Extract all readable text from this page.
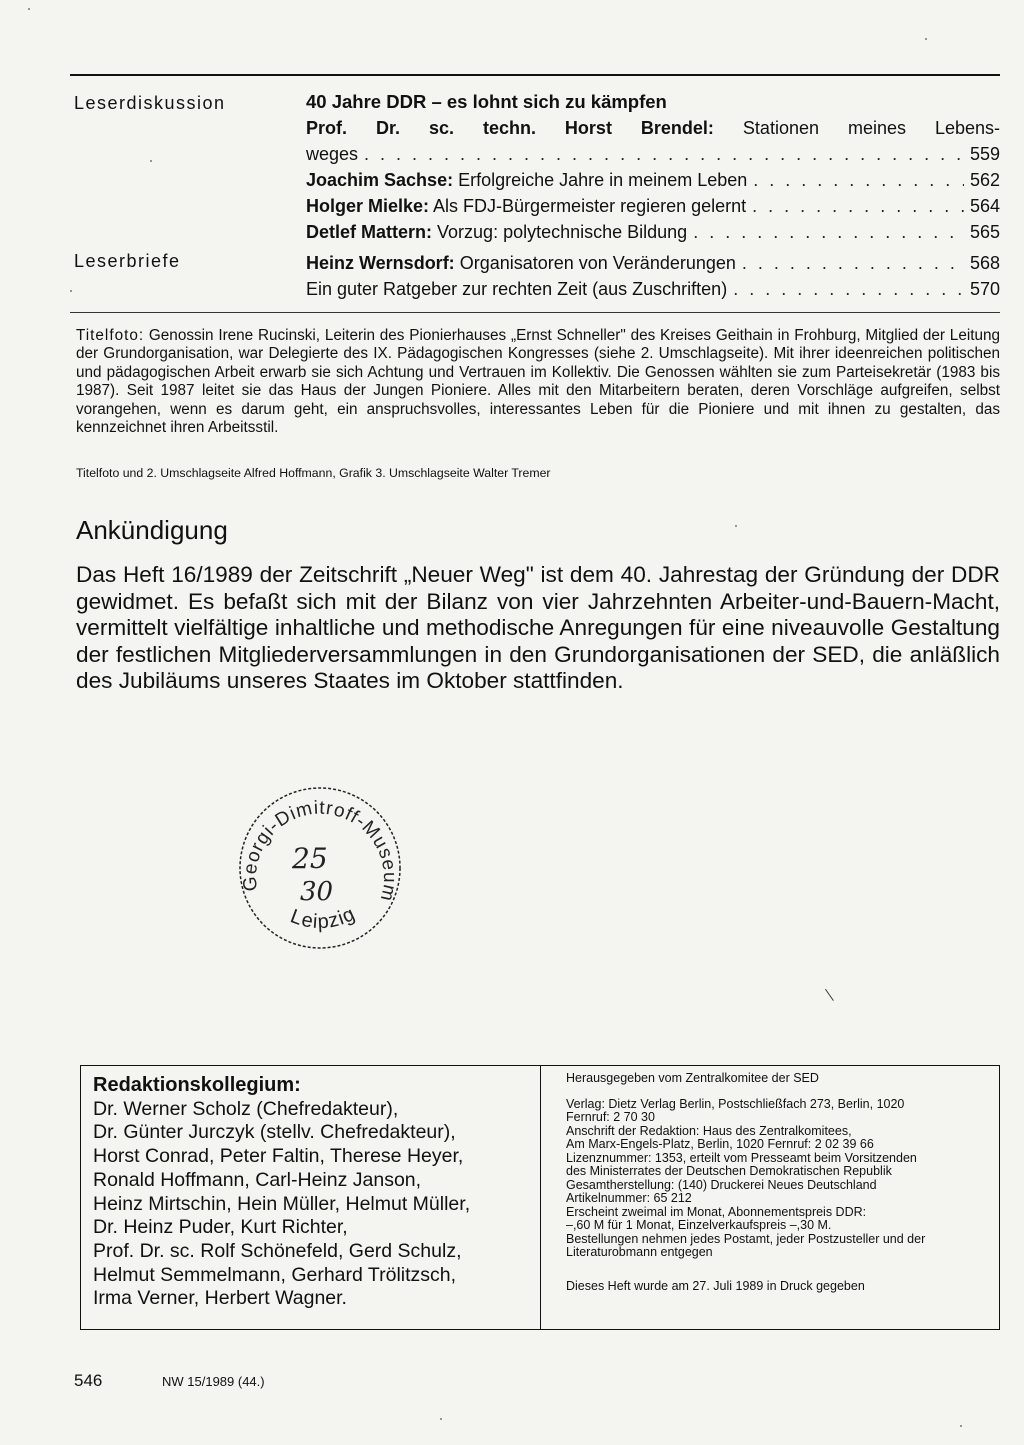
Leserdiskussion
Leserbriefe
40 Jahre DDR – es lohnt sich zu kämpfen
Prof. Dr. sc. techn. Horst Brendel: Stationen meines Lebens-
weges . . .	559
Joachim Sachse: Erfolgreiche Jahre in meinem Leben . . .	562
Holger Mielke: Als FDJ-Bürgermeister regieren gelernt . . .	564
Detlef Mattern: Vorzug: polytechnische Bildung . . .	565
Heinz Wernsdorf: Organisatoren von Veränderungen . . .	568
Ein guter Ratgeber zur rechten Zeit (aus Zuschriften) . . .	570
Titelfoto: Genossin Irene Rucinski, Leiterin des Pionierhauses „Ernst Schneller" des Kreises Geithain in Frohburg, Mitglied der Leitung der Grundorganisation, war Delegierte des IX. Pädagogischen Kongresses (siehe 2. Umschlagseite). Mit ihrer ideenreichen politischen und pädagogischen Arbeit erwarb sie sich Achtung und Vertrauen im Kollektiv. Die Genossen wählten sie zum Parteisekretär (1983 bis 1987). Seit 1987 leitet sie das Haus der Jungen Pioniere. Alles mit den Mitarbeitern beraten, deren Vorschläge aufgreifen, selbst vorangehen, wenn es darum geht, ein anspruchsvolles, interessantes Leben für die Pioniere und mit ihnen zu gestalten, das kennzeichnet ihren Arbeitsstil.
Titelfoto und 2. Umschlagseite Alfred Hoffmann, Grafik 3. Umschlagseite Walter Tremer
Ankündigung
Das Heft 16/1989 der Zeitschrift „Neuer Weg" ist dem 40. Jahrestag der Gründung der DDR gewidmet. Es befaßt sich mit der Bilanz von vier Jahrzehnten Arbeiter-und-Bauern-Macht, vermittelt vielfältige inhaltliche und methodische Anregungen für eine niveauvolle Gestaltung der festlichen Mitgliederversammlungen in den Grundorganisationen der SED, die anläßlich des Jubiläums unseres Staates im Oktober stattfinden.
Georgi-Dimitroff-Museum
Leipzig
25
30
Redaktionskollegium:
Dr. Werner Scholz (Chefredakteur),
Dr. Günter Jurczyk (stellv. Chefredakteur),
Horst Conrad, Peter Faltin, Therese Heyer,
Ronald Hoffmann, Carl-Heinz Janson,
Heinz Mirtschin, Hein Müller, Helmut Müller,
Dr. Heinz Puder, Kurt Richter,
Prof. Dr. sc. Rolf Schönefeld, Gerd Schulz,
Helmut Semmelmann, Gerhard Trölitzsch,
Irma Verner, Herbert Wagner.
Herausgegeben vom Zentralkomitee der SED
Verlag: Dietz Verlag Berlin, Postschließfach 273, Berlin, 1020
Fernruf: 2 70 30
Anschrift der Redaktion: Haus des Zentralkomitees,
Am Marx-Engels-Platz, Berlin, 1020 Fernruf: 2 02 39 66
Lizenznummer: 1353, erteilt vom Presseamt beim Vorsitzenden
des Ministerrates der Deutschen Demokratischen Republik
Gesamtherstellung: (140) Druckerei Neues Deutschland
Artikelnummer: 65 212
Erscheint zweimal im Monat, Abonnementspreis DDR:
–,60 M für 1 Monat, Einzelverkaufspreis –,30 M.
Bestellungen nehmen jedes Postamt, jeder Postzusteller und der
Literaturobmann entgegen
Dieses Heft wurde am 27. Juli 1989 in Druck gegeben
546	NW 15/1989 (44.)
